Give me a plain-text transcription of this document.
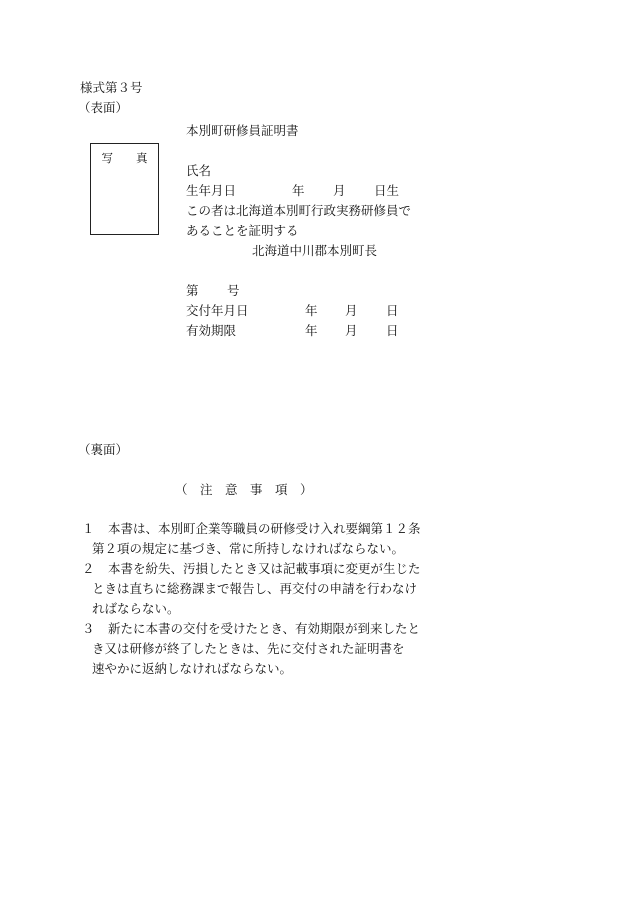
様式第３号
（表面）
本別町研修員証明書
写　　真
氏名
生年月日	年 月 日生
この者は北海道本別町行政実務研修員で
あることを証明する
北海道中川郡本別町長
第 号
交付年月日	年 月 日
有効期限	年 月 日
（裏面）
（　注　意　事　項　）
１ 本書は、本別町企業等職員の研修受け入れ要綱第１２条
第２項の規定に基づき、常に所持しなければならない。
２ 本書を紛失、汚損したとき又は記載事項に変更が生じた
ときは直ちに総務課まで報告し、再交付の申請を行わなけ
ればならない。
３ 新たに本書の交付を受けたとき、有効期限が到来したと
き又は研修が終了したときは、先に交付された証明書を
速やかに返納しなければならない。
